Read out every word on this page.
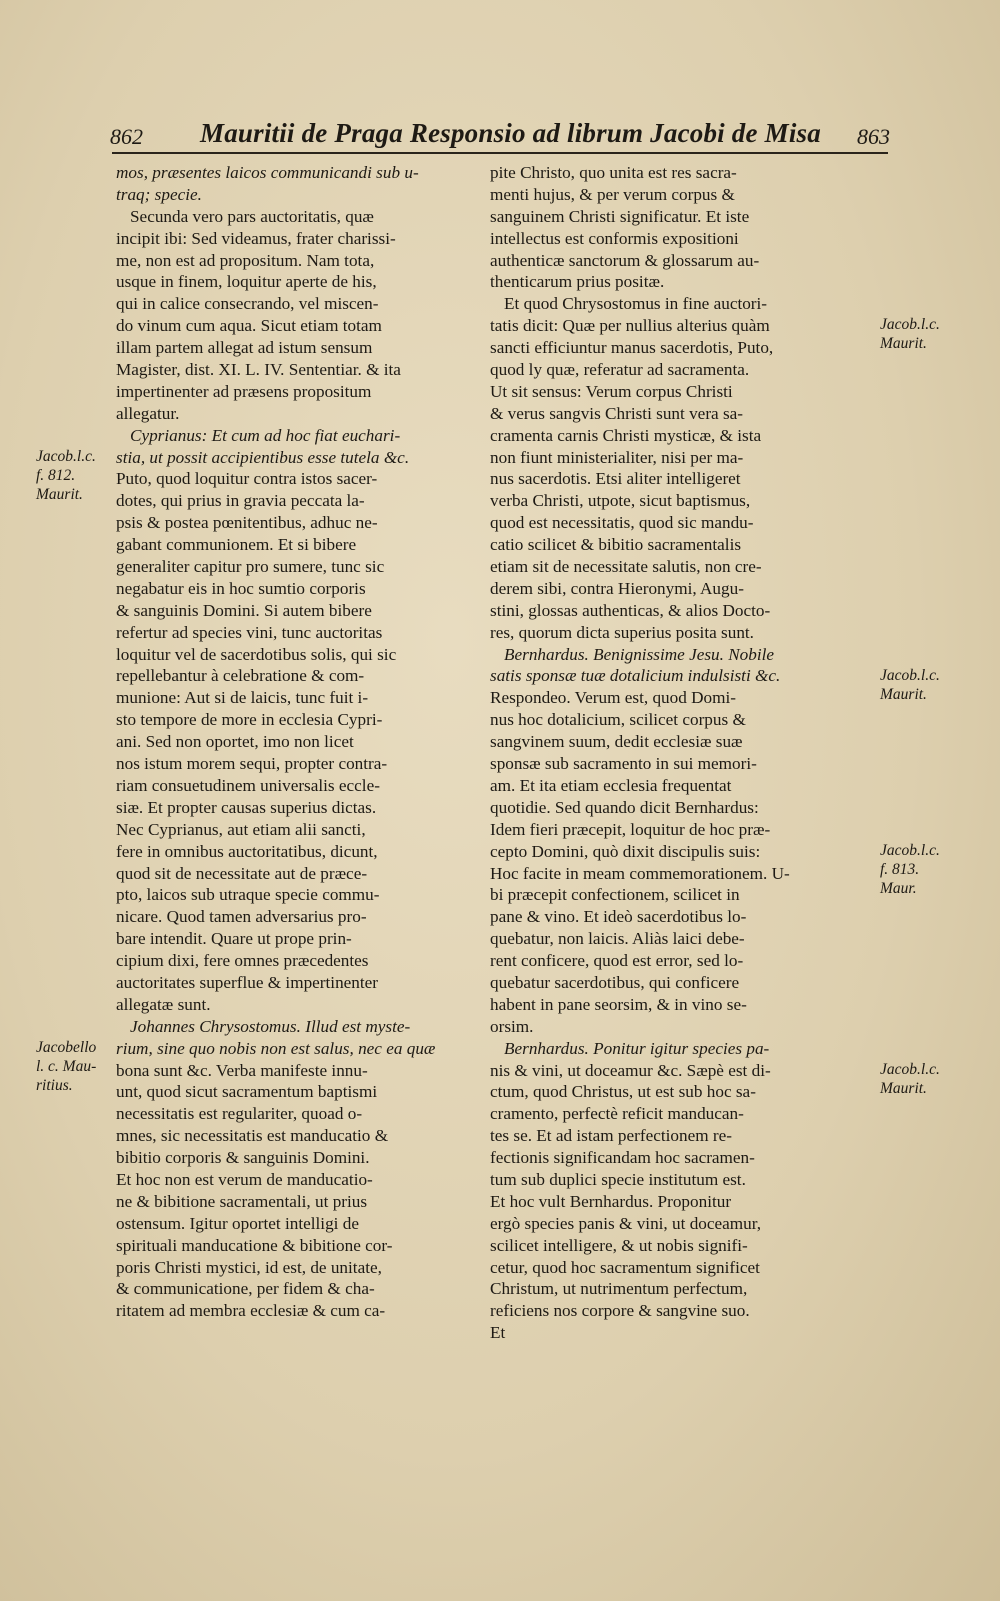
862 Mauritii de Praga Responsio ad librum Jacobi de Misa 863
mos, præsentes laicos communicandi sub u-
traq; specie.
Secunda vero pars auctoritatis, quæ
incipit ibi: Sed videamus, frater charissi-
me, non est ad propositum. Nam tota,
usque in finem, loquitur aperte de his,
qui in calice consecrando, vel miscen-
do vinum cum aqua. Sicut etiam totam
illam partem allegat ad istum sensum
Magister, dist. XI. L. IV. Sententiar. & ita
impertinenter ad præsens propositum
allegatur.
Cyprianus: Et cum ad hoc fiat euchari-
stia, ut possit accipientibus esse tutela &c.
Puto, quod loquitur contra istos sacer-
dotes, qui prius in gravia peccata la-
psis & postea pœnitentibus, adhuc ne-
gabant communionem. Et si bibere
generaliter capitur pro sumere, tunc sic
negabatur eis in hoc sumtio corporis
& sanguinis Domini. Si autem bibere
refertur ad species vini, tunc auctoritas
loquitur vel de sacerdotibus solis, qui sic
repellebantur à celebratione & com-
munione: Aut si de laicis, tunc fuit i-
sto tempore de more in ecclesia Cypri-
ani. Sed non oportet, imo non licet
nos istum morem sequi, propter contra-
riam consuetudinem universalis eccle-
siæ. Et propter causas superius dictas.
Nec Cyprianus, aut etiam alii sancti,
fere in omnibus auctoritatibus, dicunt,
quod sit de necessitate aut de præce-
pto, laicos sub utraque specie commu-
nicare. Quod tamen adversarius pro-
bare intendit. Quare ut prope prin-
cipium dixi, fere omnes præcedentes
auctoritates superflue & impertinenter
allegatæ sunt.
Johannes Chrysostomus. Illud est myste-
rium, sine quo nobis non est salus, nec ea quæ
bona sunt &c. Verba manifeste innu-
unt, quod sicut sacramentum baptismi
necessitatis est regulariter, quoad o-
mnes, sic necessitatis est manducatio &
bibitio corporis & sanguinis Domini.
Et hoc non est verum de manducatio-
ne & bibitione sacramentali, ut prius
ostensum. Igitur oportet intelligi de
spirituali manducatione & bibitione cor-
poris Christi mystici, id est, de unitate,
& communicatione, per fidem & cha-
ritatem ad membra ecclesiæ & cum ca-
pite Christo, quo unita est res sacra-
menti hujus, & per verum corpus &
sanguinem Christi significatur. Et iste
intellectus est conformis expositioni
authenticæ sanctorum & glossarum au-
thenticarum prius positæ.
Et quod Chrysostomus in fine auctori-
tatis dicit: Quæ per nullius alterius quàm
sancti efficiuntur manus sacerdotis, Puto,
quod ly quæ, referatur ad sacramenta.
Ut sit sensus: Verum corpus Christi
& verus sangvis Christi sunt vera sa-
cramenta carnis Christi mysticæ, & ista
non fiunt ministerialiter, nisi per ma-
nus sacerdotis. Etsi aliter intelligeret
verba Christi, utpote, sicut baptismus,
quod est necessitatis, quod sic mandu-
catio scilicet & bibitio sacramentalis
etiam sit de necessitate salutis, non cre-
derem sibi, contra Hieronymi, Augu-
stini, glossas authenticas, & alios Docto-
res, quorum dicta superius posita sunt.
Bernhardus. Benignissime Jesu. Nobile
satis sponsæ tuæ dotalicium indulsisti &c.
Respondeo. Verum est, quod Domi-
nus hoc dotalicium, scilicet corpus &
sangvinem suum, dedit ecclesiæ suæ
sponsæ sub sacramento in sui memori-
am. Et ita etiam ecclesia frequentat
quotidie. Sed quando dicit Bernhardus:
Idem fieri præcepit, loquitur de hoc præ-
cepto Domini, quò dixit discipulis suis:
Hoc facite in meam commemorationem. U-
bi præcepit confectionem, scilicet in
pane & vino. Et ideò sacerdotibus lo-
quebatur, non laicis. Aliàs laici debe-
rent conficere, quod est error, sed lo-
quebatur sacerdotibus, qui conficere
habent in pane seorsim, & in vino se-
orsim.
Bernhardus. Ponitur igitur species pa-
nis & vini, ut doceamur &c. Sæpè est di-
ctum, quod Christus, ut est sub hoc sa-
cramento, perfectè reficit manducan-
tes se. Et ad istam perfectionem re-
fectionis significandam hoc sacramen-
tum sub duplici specie institutum est.
Et hoc vult Bernhardus. Proponitur
ergò species panis & vini, ut doceamur,
scilicet intelligere, & ut nobis signifi-
cetur, quod hoc sacramentum significet
Christum, ut nutrimentum perfectum,
reficiens nos corpore & sangvine suo.
Et
Jacob.l.c.
f. 812.
Maurit.
Jacobello
l. c. Mau-
ritius.
Jacob.l.c.
Maurit.
Jacob.l.c.
Maurit.
Jacob.l.c.
f. 813.
Maur.
Jacob.l.c.
Maurit.
